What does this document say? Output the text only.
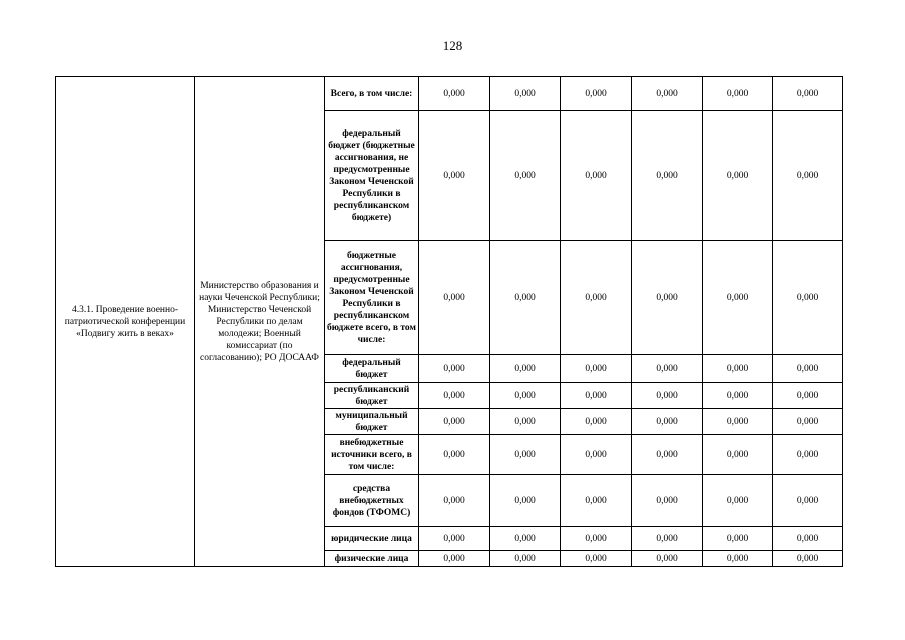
128
4.3.1. Проведение военно-патриотической конференции «Подвигу жить в веках»	Министерство образования и науки Чеченской Республики; Министерство Чеченской Республики по делам молодежи; Военный комиссариат (по согласованию); РО ДОСААФ	Всего, в том числе:	0,000	0,000	0,000	0,000	0,000	0,000
		федеральный бюджет (бюджетные ассигнования, не предусмотренные Законом Чеченской Республики в республиканском бюджете)	0,000	0,000	0,000	0,000	0,000	0,000
		бюджетные ассигнования, предусмотренные Законом Чеченской Республики в республиканском бюджете всего, в том числе:	0,000	0,000	0,000	0,000	0,000	0,000
		федеральный бюджет	0,000	0,000	0,000	0,000	0,000	0,000
		республиканский бюджет	0,000	0,000	0,000	0,000	0,000	0,000
		муниципальный бюджет	0,000	0,000	0,000	0,000	0,000	0,000
		внебюджетные источники всего, в том числе:	0,000	0,000	0,000	0,000	0,000	0,000
		средства внебюджетных фондов (ТФОМС)	0,000	0,000	0,000	0,000	0,000	0,000
		юридические лица	0,000	0,000	0,000	0,000	0,000	0,000
		физические лица	0,000	0,000	0,000	0,000	0,000	0,000
